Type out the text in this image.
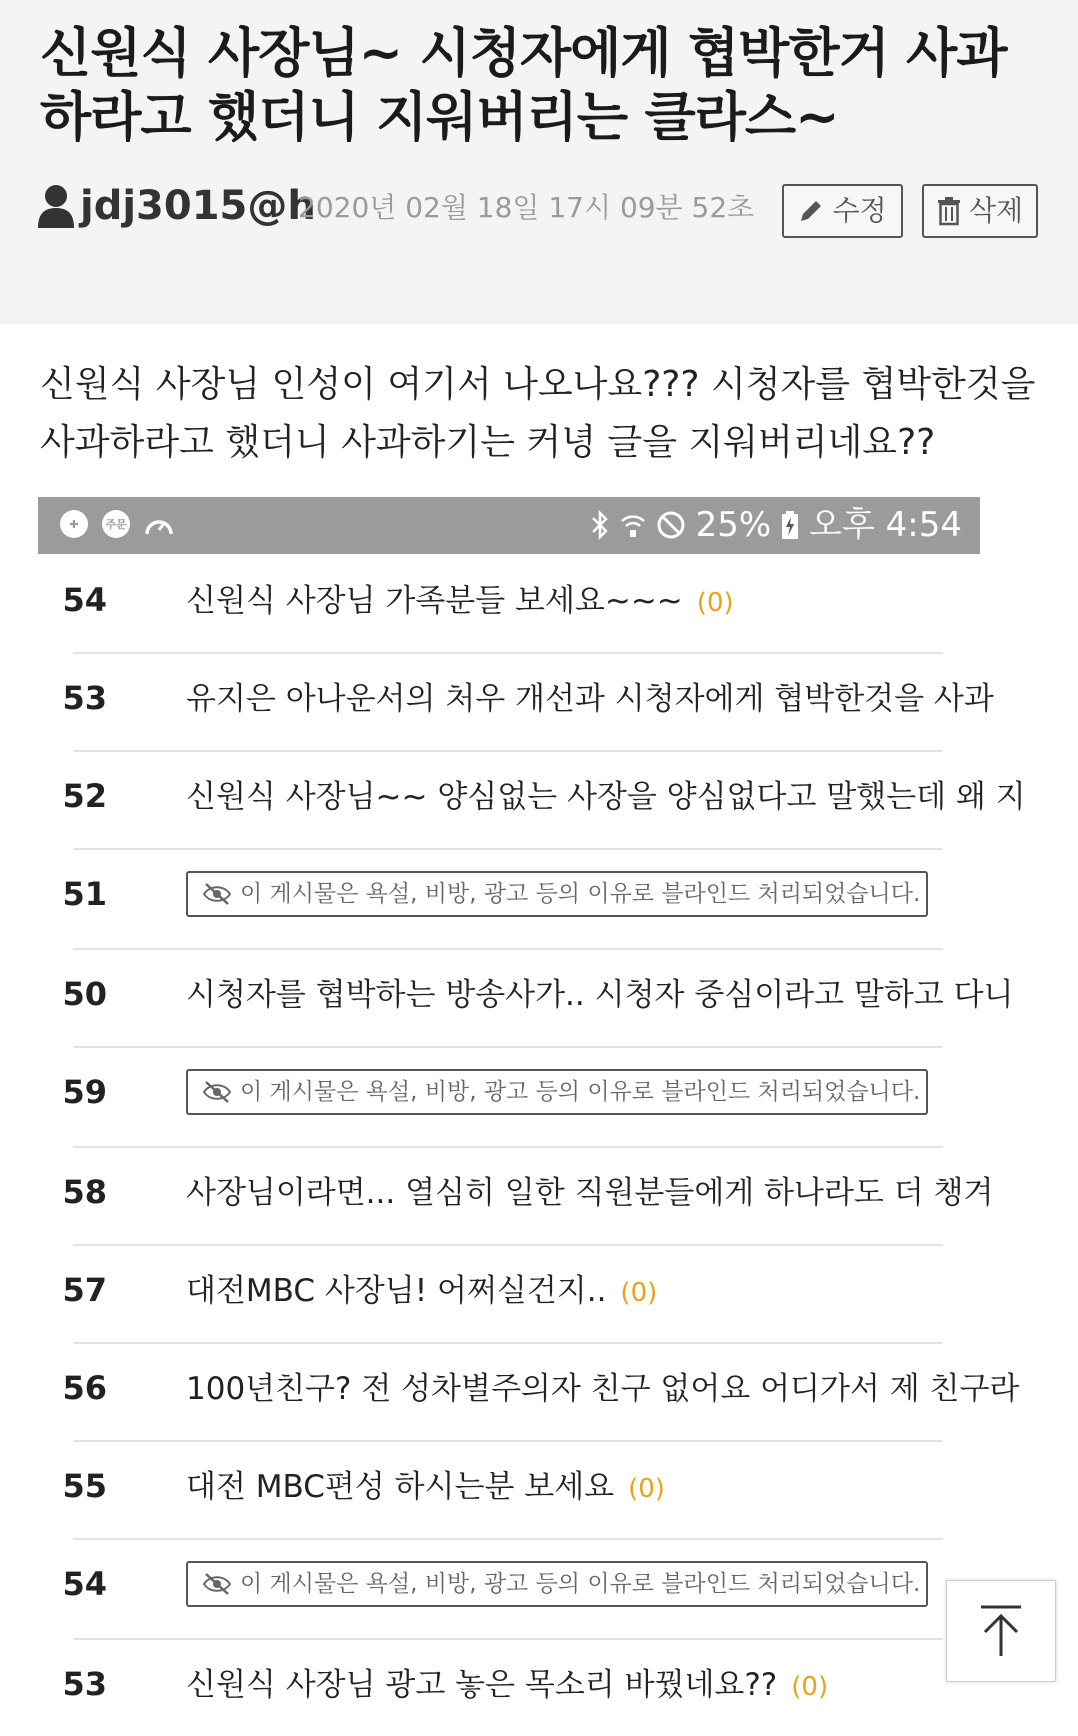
신원식 사장님~ 시청자에게 협박한거 사과하라고 했더니 지워버리는 클라스~
jdj3015@h
2020년 02월 18일 17시 09분 52초	수정	삭제

신원식 사장님 인성이 여기서 나오나요??? 시청자를 협박한것을
사과하라고 했더니 사과하기는 커녕 글을 지워버리네요??

✚	주문	25% 오후 4:54
54	신원식 사장님 가족분들 보세요~~~ (0)
53	유지은 아나운서의 처우 개선과 시청자에게 협박한것을 사과
52	신원식 사장님~~ 양심없는 사장을 양심없다고 말했는데 왜 지
51	이 게시물은 욕설, 비방, 광고 등의 이유로 블라인드 처리되었습니다.
50	시청자를 협박하는 방송사가.. 시청자 중심이라고 말하고 다니
59	이 게시물은 욕설, 비방, 광고 등의 이유로 블라인드 처리되었습니다.
58	사장님이라면... 열심히 일한 직원분들에게 하나라도 더 챙겨
57	대전MBC 사장님! 어쩌실건지.. (0)
56	100년친구? 전 성차별주의자 친구 없어요 어디가서 제 친구라
55	대전 MBC편성 하시는분 보세요 (0)
54	이 게시물은 욕설, 비방, 광고 등의 이유로 블라인드 처리되었습니다.
53	신원식 사장님 광고 놓은 목소리 바꿨네요?? (0)
